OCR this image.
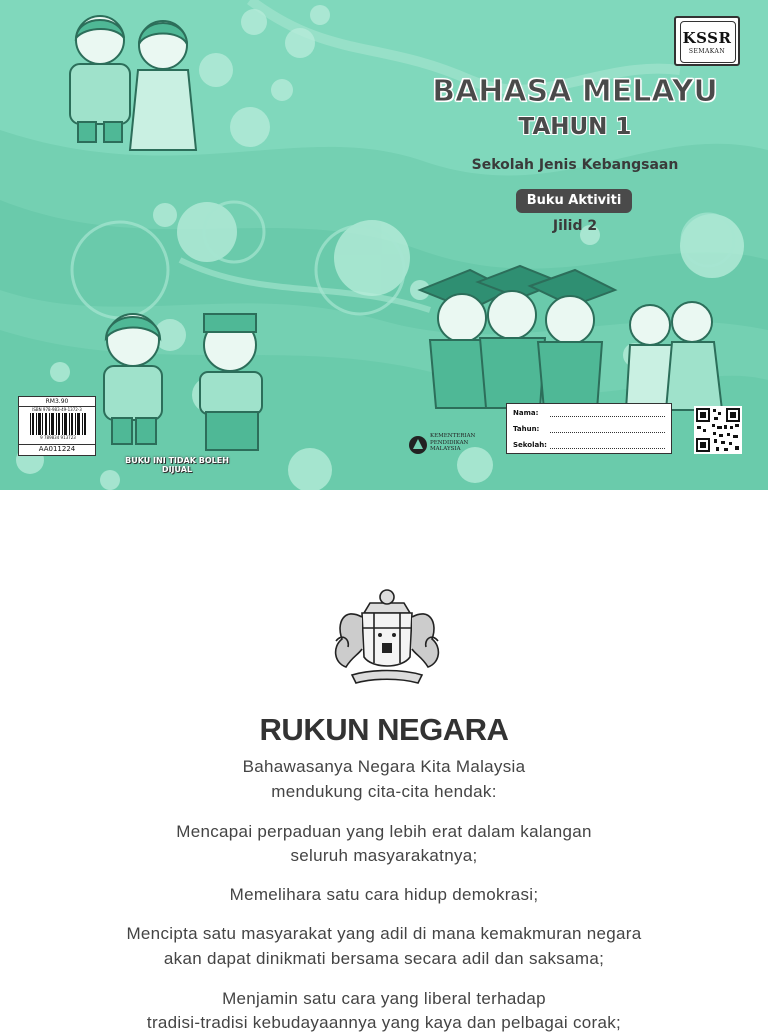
KSSR
SEMAKAN
BAHASA MELAYU
TAHUN 1
Sekolah Jenis Kebangsaan
Buku Aktiviti
Jilid 2
RM3.90
ISBN 978-983-49-1372-3
9 789834 913723
AA011224
BUKU INI TIDAK BOLEH DIJUAL
KEMENTERIAN
PENDIDIKAN
MALAYSIA
Nama:
Tahun:
Sekolah:
RUKUN NEGARA
Bahawasanya Negara Kita Malaysia
mendukung cita-cita hendak:
Mencapai perpaduan yang lebih erat dalam kalangan
seluruh masyarakatnya;
Memelihara satu cara hidup demokrasi;
Mencipta satu masyarakat yang adil di mana kemakmuran negara
akan dapat dinikmati bersama secara adil dan saksama;
Menjamin satu cara yang liberal terhadap
tradisi-tradisi kebudayaannya yang kaya dan pelbagai corak;
